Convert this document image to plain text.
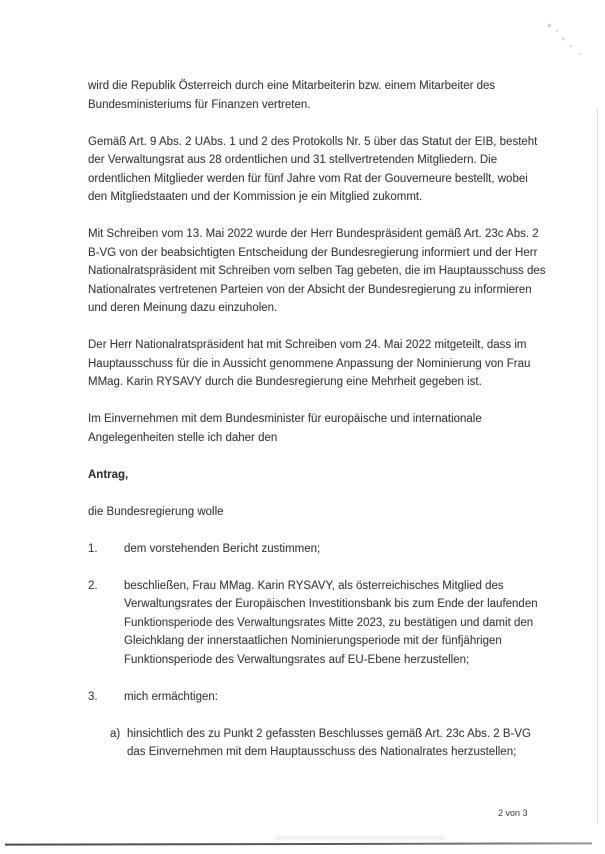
wird die Republik Österreich durch eine Mitarbeiterin bzw. einem Mitarbeiter des Bundesministeriums für Finanzen vertreten.

Gemäß Art. 9 Abs. 2 UAbs. 1 und 2 des Protokolls Nr. 5 über das Statut der EIB, besteht der Verwaltungsrat aus 28 ordentlichen und 31 stellvertretenden Mitgliedern. Die ordentlichen Mitglieder werden für fünf Jahre vom Rat der Gouverneure bestellt, wobei den Mitgliedstaaten und der Kommission je ein Mitglied zukommt.

Mit Schreiben vom 13. Mai 2022 wurde der Herr Bundespräsident gemäß Art. 23c Abs. 2 B-VG von der beabsichtigten Entscheidung der Bundesregierung informiert und der Herr Nationalratspräsident mit Schreiben vom selben Tag gebeten, die im Hauptausschuss des Nationalrates vertretenen Parteien von der Absicht der Bundesregierung zu informieren und deren Meinung dazu einzuholen.

Der Herr Nationalratspräsident hat mit Schreiben vom 24. Mai 2022 mitgeteilt, dass im Hauptausschuss für die in Aussicht genommene Anpassung der Nominierung von Frau MMag. Karin RYSAVY durch die Bundesregierung eine Mehrheit gegeben ist.

Im Einvernehmen mit dem Bundesminister für europäische und internationale Angelegenheiten stelle ich daher den

Antrag,

die Bundesregierung wolle

1.	dem vorstehenden Bericht zustimmen;
2.	beschließen, Frau MMag. Karin RYSAVY, als österreichisches Mitglied des Verwaltungsrates der Europäischen Investitionsbank bis zum Ende der laufenden Funktionsperiode des Verwaltungsrates Mitte 2023, zu bestätigen und damit den Gleichklang der innerstaatlichen Nominierungsperiode mit der fünfjährigen Funktionsperiode des Verwaltungsrates auf EU-Ebene herzustellen;
3.	mich ermächtigen:
a) hinsichtlich des zu Punkt 2 gefassten Beschlusses gemäß Art. 23c Abs. 2 B-VG das Einvernehmen mit dem Hauptausschuss des Nationalrates herzustellen;
2 von 3
